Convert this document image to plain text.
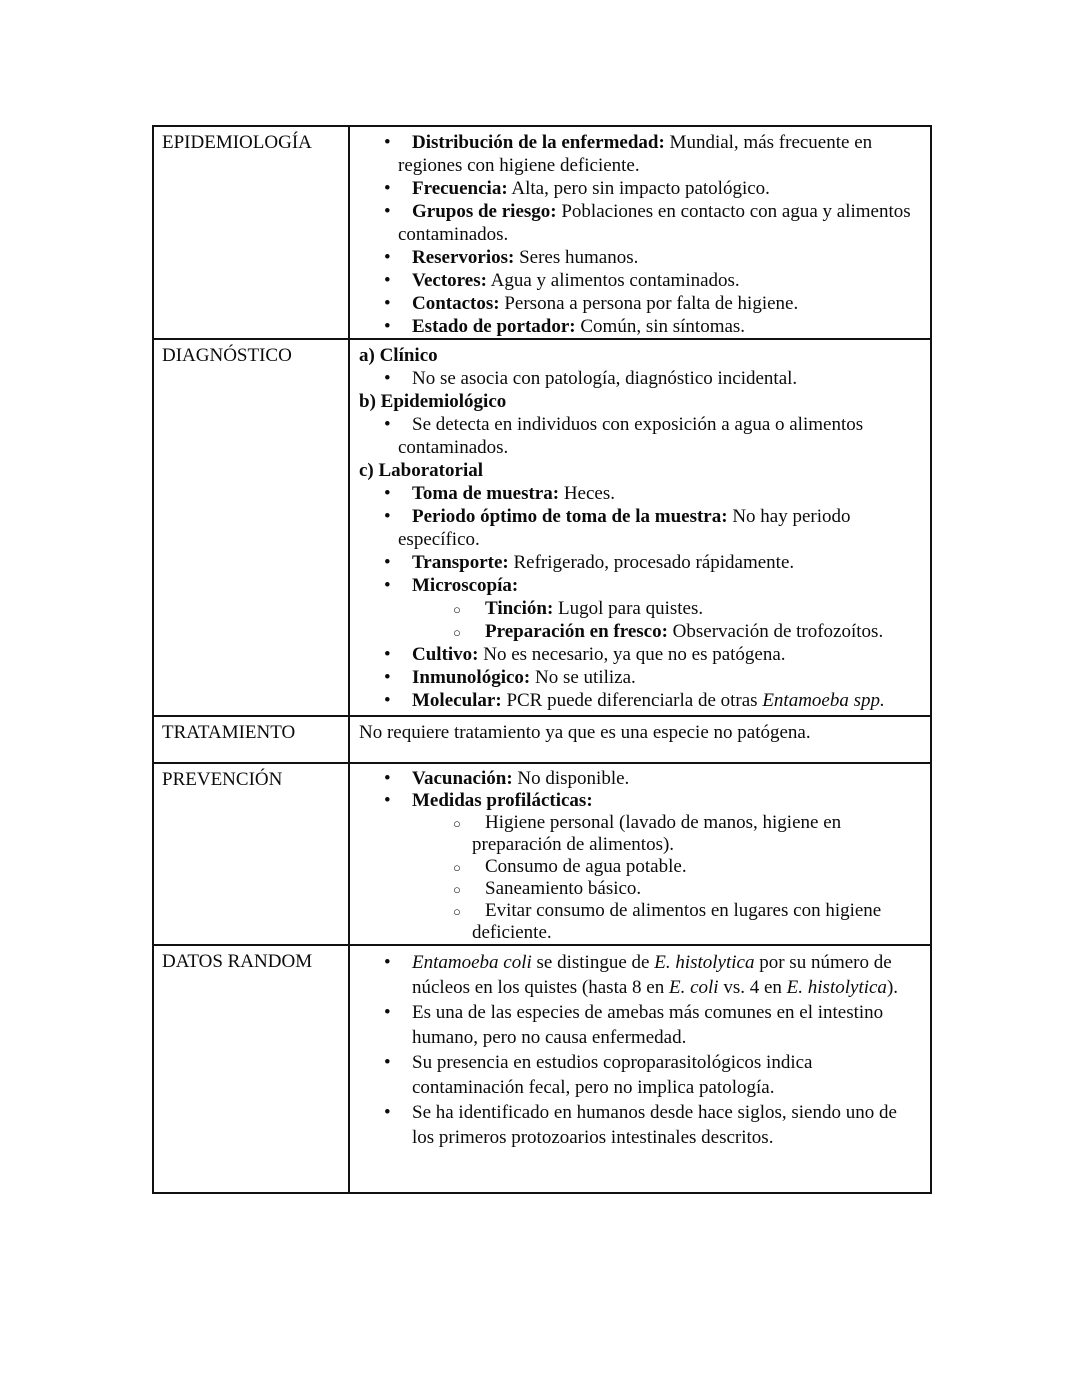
EPIDEMIOLOGÍA	• Distribución de la enfermedad: Mundial, más frecuente en regiones con higiene deficiente.
• Frecuencia: Alta, pero sin impacto patológico.
• Grupos de riesgo: Poblaciones en contacto con agua y alimentos contaminados.
• Reservorios: Seres humanos.
• Vectores: Agua y alimentos contaminados.
• Contactos: Persona a persona por falta de higiene.
• Estado de portador: Común, sin síntomas.

DIAGNÓSTICO	a) Clínico
• No se asocia con patología, diagnóstico incidental.
b) Epidemiológico
• Se detecta en individuos con exposición a agua o alimentos contaminados.
c) Laboratorial
• Toma de muestra: Heces.
• Periodo óptimo de toma de la muestra: No hay periodo específico.
• Transporte: Refrigerado, procesado rápidamente.
• Microscopía:
○ Tinción: Lugol para quistes.
○ Preparación en fresco: Observación de trofozoítos.
• Cultivo: No es necesario, ya que no es patógena.
• Inmunológico: No se utiliza.
• Molecular: PCR puede diferenciarla de otras Entamoeba spp.

TRATAMIENTO	No requiere tratamiento ya que es una especie no patógena.

PREVENCIÓN	• Vacunación: No disponible.
• Medidas profilácticas:
○ Higiene personal (lavado de manos, higiene en preparación de alimentos).
○ Consumo de agua potable.
○ Saneamiento básico.
○ Evitar consumo de alimentos en lugares con higiene deficiente.

DATOS RANDOM	• Entamoeba coli se distingue de E. histolytica por su número de núcleos en los quistes (hasta 8 en E. coli vs. 4 en E. histolytica).
• Es una de las especies de amebas más comunes en el intestino humano, pero no causa enfermedad.
• Su presencia en estudios coproparasitológicos indica contaminación fecal, pero no implica patología.
• Se ha identificado en humanos desde hace siglos, siendo uno de los primeros protozoarios intestinales descritos.
